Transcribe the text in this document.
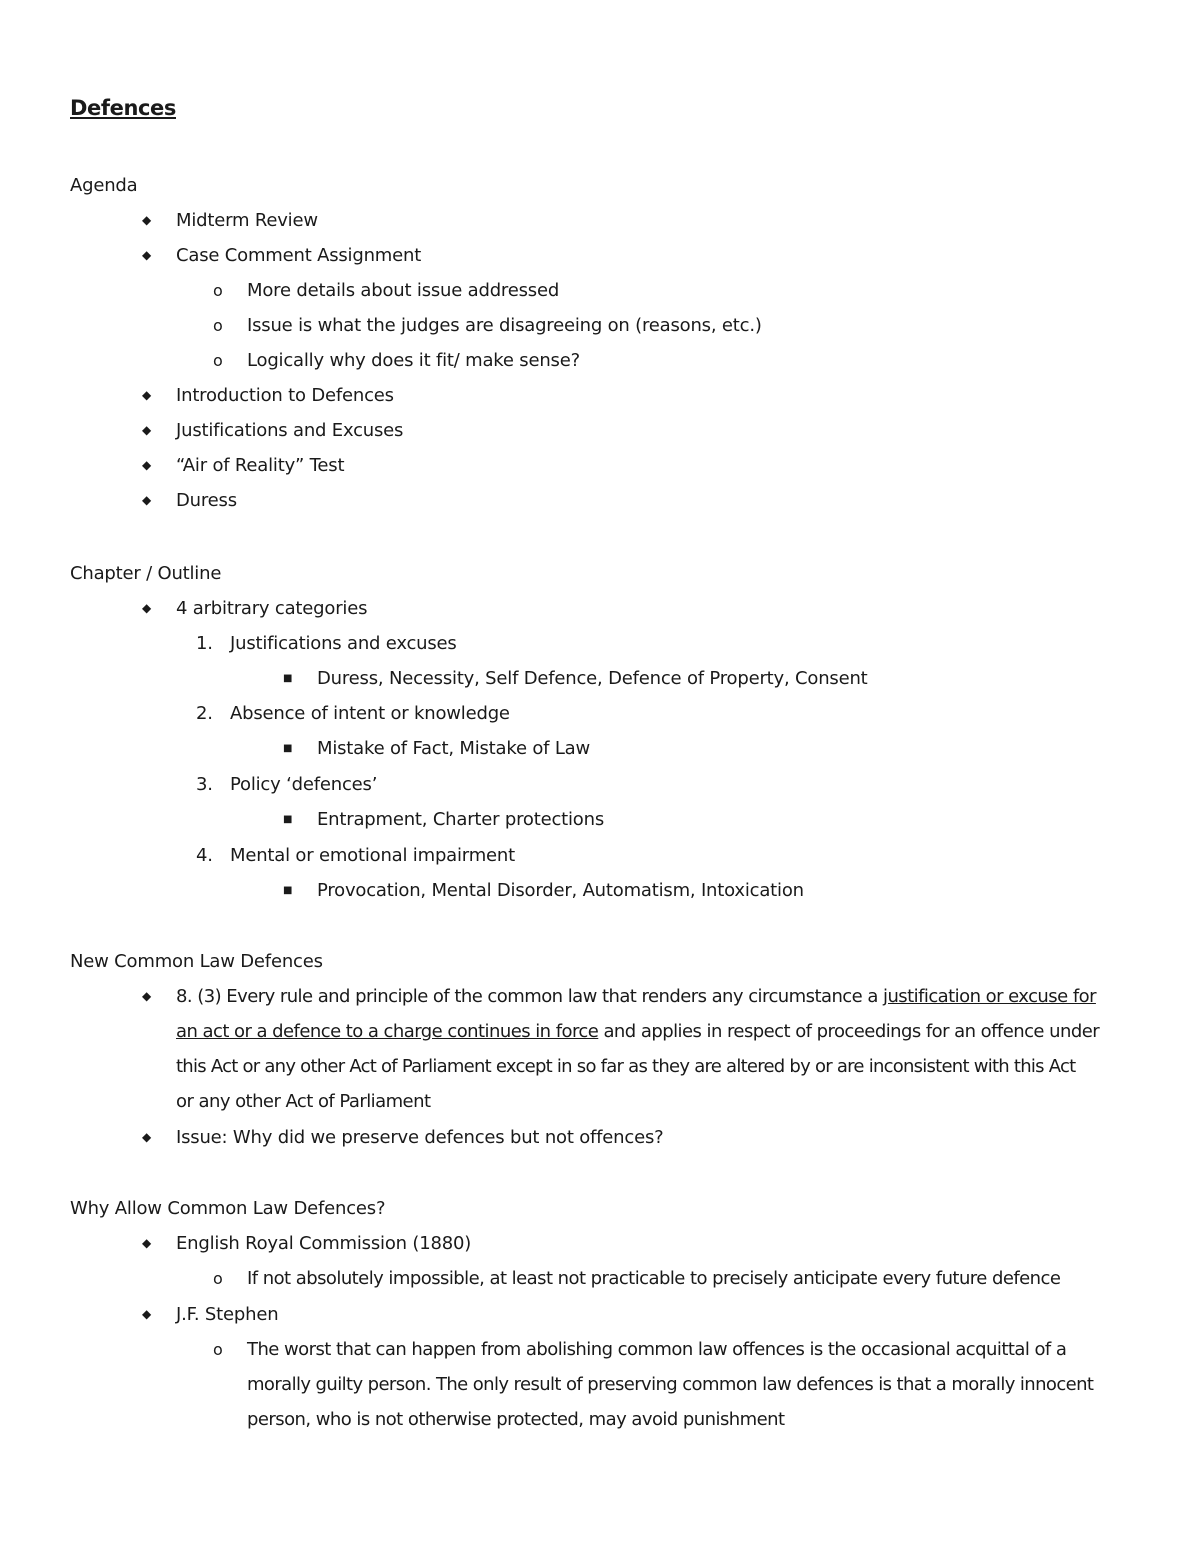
Defences
Agenda
◆ Midterm Review
◆ Case Comment Assignment
o More details about issue addressed
o Issue is what the judges are disagreeing on (reasons, etc.)
o Logically why does it fit/ make sense?
◆ Introduction to Defences
◆ Justifications and Excuses
◆ “Air of Reality” Test
◆ Duress
Chapter / Outline
◆ 4 arbitrary categories
1. Justifications and excuses
■ Duress, Necessity, Self Defence, Defence of Property, Consent
2. Absence of intent or knowledge
■ Mistake of Fact, Mistake of Law
3. Policy ‘defences’
■ Entrapment, Charter protections
4. Mental or emotional impairment
■ Provocation, Mental Disorder, Automatism, Intoxication
New Common Law Defences
◆ 8. (3) Every rule and principle of the common law that renders any circumstance a justification or excuse for
an act or a defence to a charge continues in force and applies in respect of proceedings for an offence under
this Act or any other Act of Parliament except in so far as they are altered by or are inconsistent with this Act
or any other Act of Parliament
◆ Issue: Why did we preserve defences but not offences?
Why Allow Common Law Defences?
◆ English Royal Commission (1880)
o If not absolutely impossible, at least not practicable to precisely anticipate every future defence
◆ J.F. Stephen
o The worst that can happen from abolishing common law offences is the occasional acquittal of a
morally guilty person. The only result of preserving common law defences is that a morally innocent
person, who is not otherwise protected, may avoid punishment
